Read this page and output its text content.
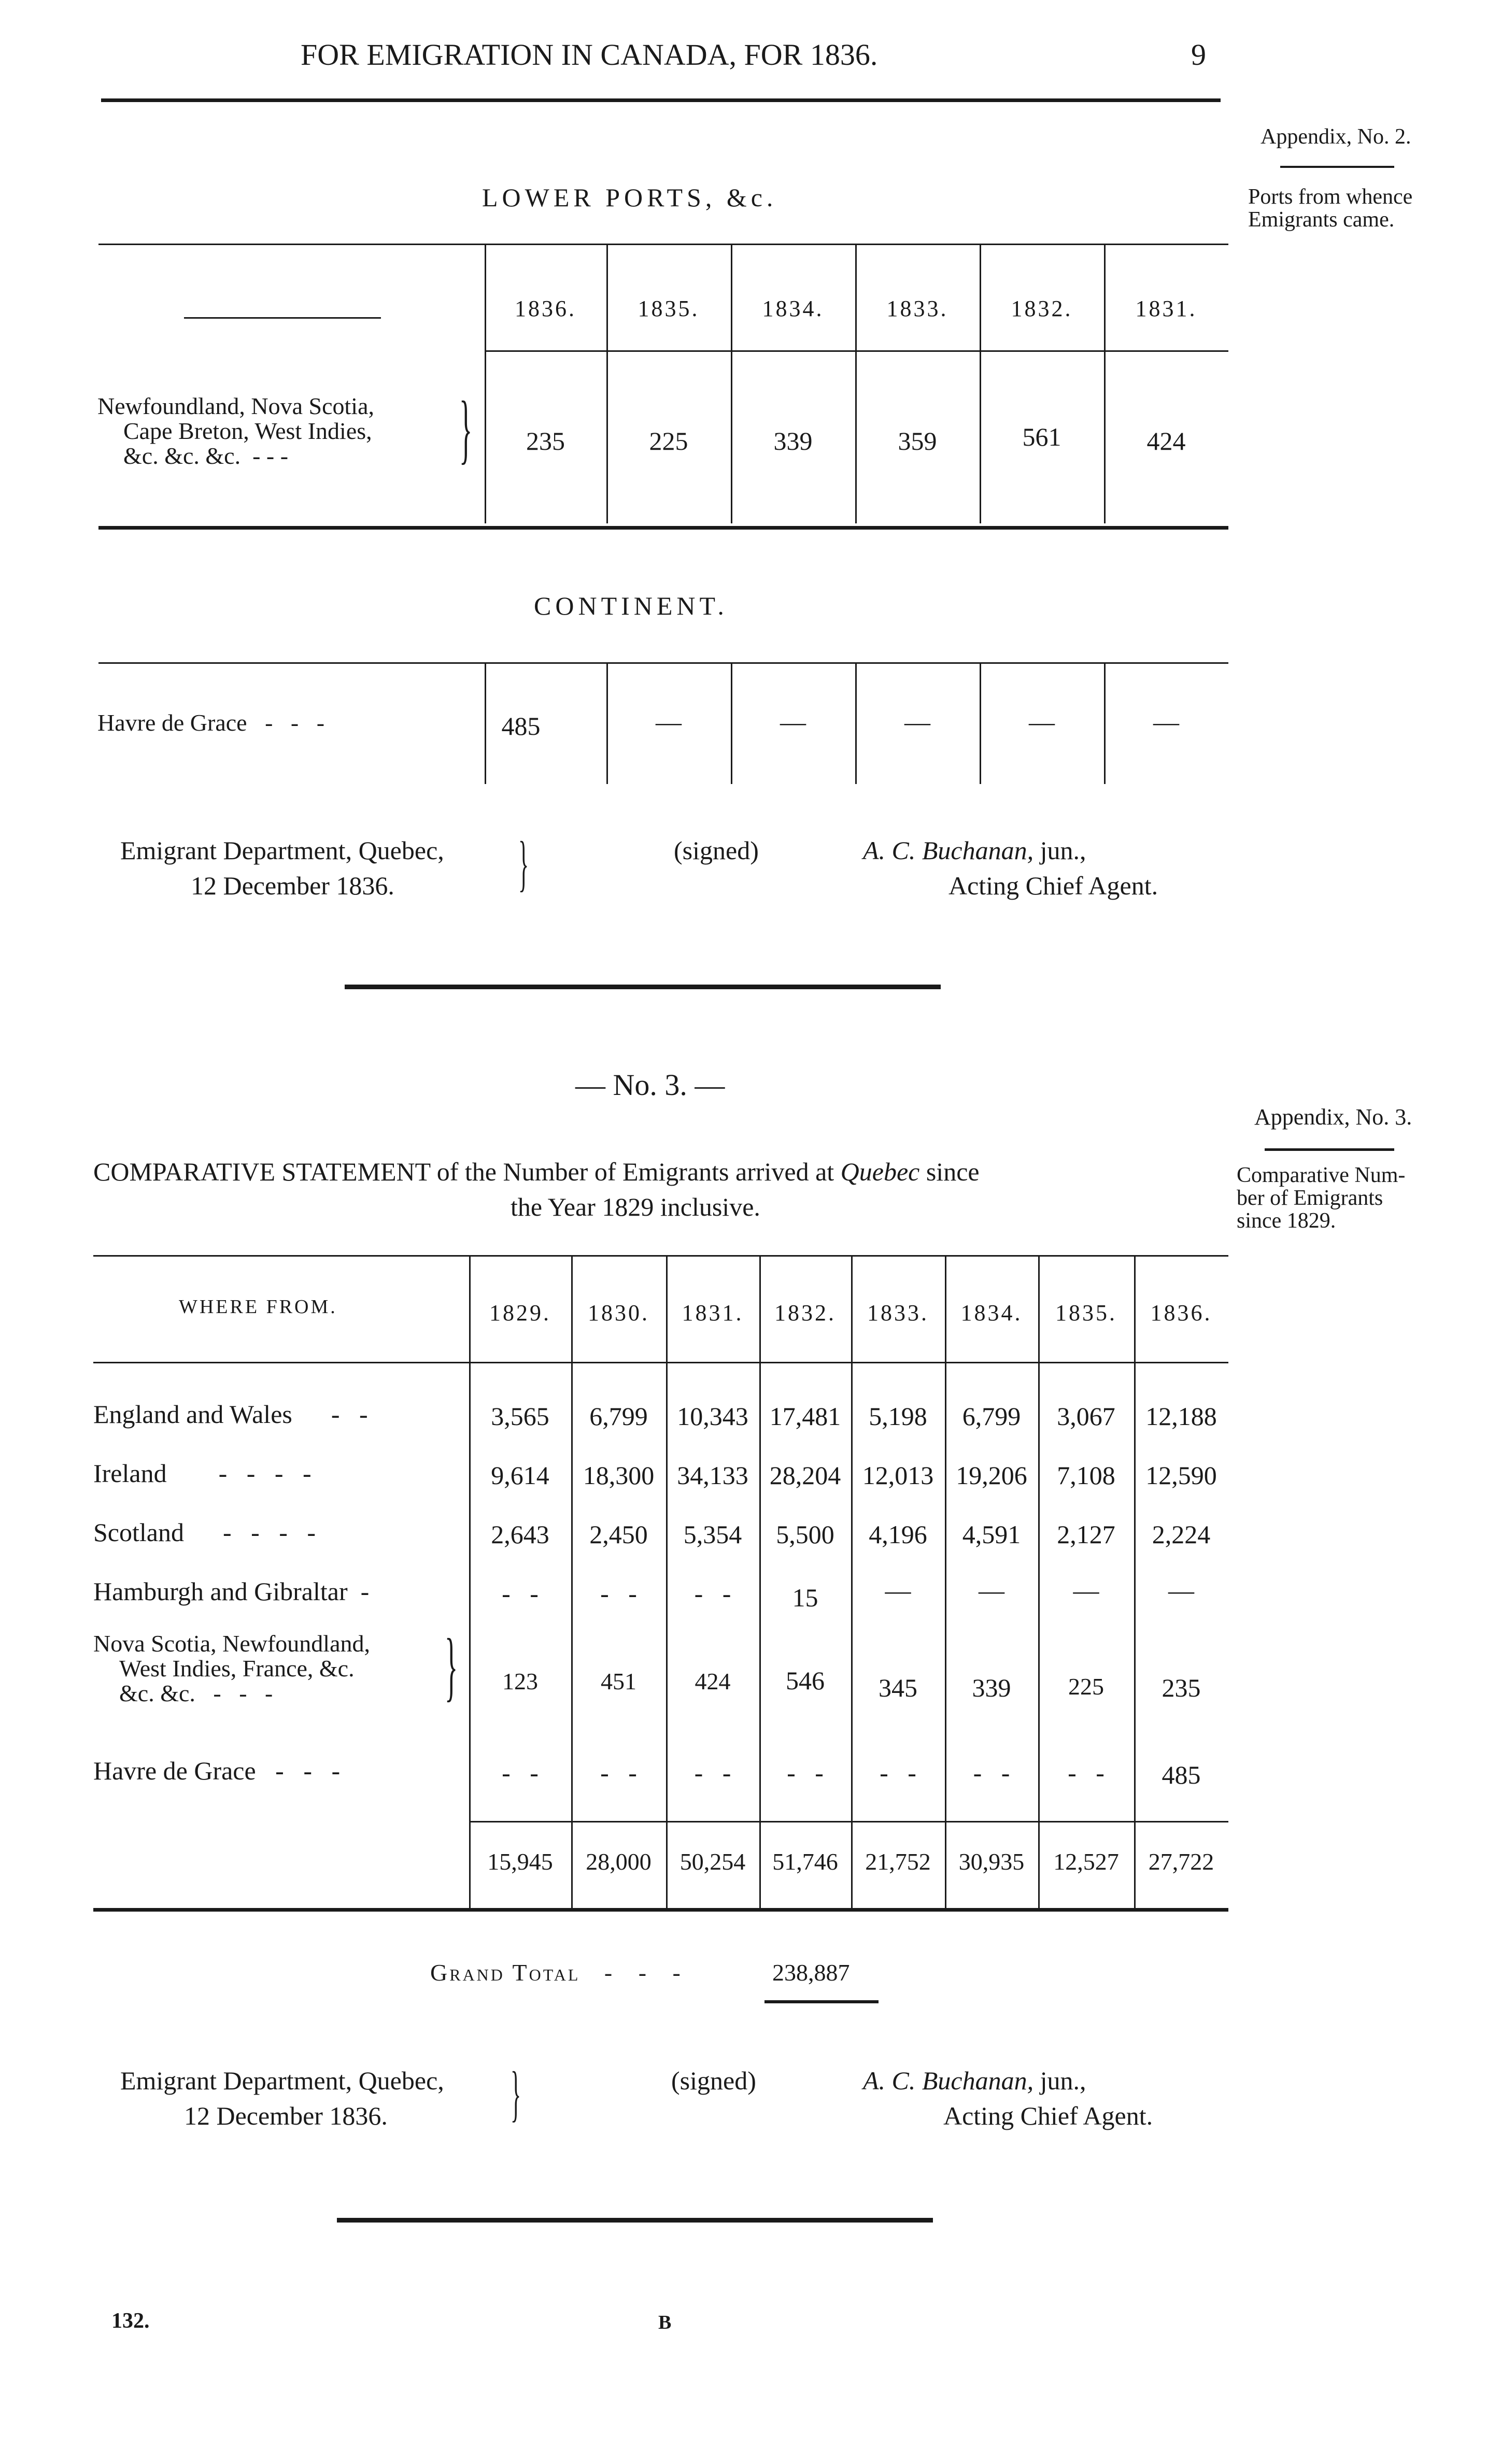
FOR EMIGRATION IN CANADA, FOR 1836.	9
Appendix, No. 2.
Ports from whence
Emigrants came.
Appendix, No. 3.
Comparative Num-
ber of Emigrants
since 1829.
LOWER PORTS, &c.
1836.	1835.	1834.	1833.	1832.	1831.
Newfoundland, Nova Scotia,
Cape Breton, West Indies,
&c. &c. &c. - - -	}	235	225	339	359	561	424
CONTINENT.
Havre de Grace -   -   -	485	—	—	—	—	—
Emigrant Department, Quebec,
12 December 1836. }	(signed)	A. C. Buchanan, jun.,
Acting Chief Agent.
— No. 3. —
COMPARATIVE STATEMENT of the Number of Emigrants arrived at Quebec since
the Year 1829 inclusive.
WHERE FROM.	1829.	1830.	1831.	1832.	1833.	1834.	1835.	1836.
England and Wales -   -	3,565	6,799	10,343 17,481	5,198	6,799	3,067	12,188
Ireland -   -   -   -	9,614	18,300 34,133 28,204 12,013 19,206	7,108	12,590
Scotland -   -   -   -	2,643	2,450	5,354	5,500	4,196	4,591	2,127	2,224
Hamburgh and Gibraltar -	-   -	-   -	-   -	15	—	—	—	—
Nova Scotia, Newfoundland,
West Indies, France, &c.
&c. &c. -   -   -	}	123	451	424	546	345	339	225	235
Havre de Grace -   -   -	-   -	-   -	-   -	-   -	-   -	-   -	-   -	485
15,945	28,000	50,254	51,746	21,752	30,935	12,527	27,722
Grand Total -   -   -	238,887
Emigrant Department, Quebec,
12 December 1836. }	(signed)	A. C. Buchanan, jun.,
Acting Chief Agent.
132.	B
